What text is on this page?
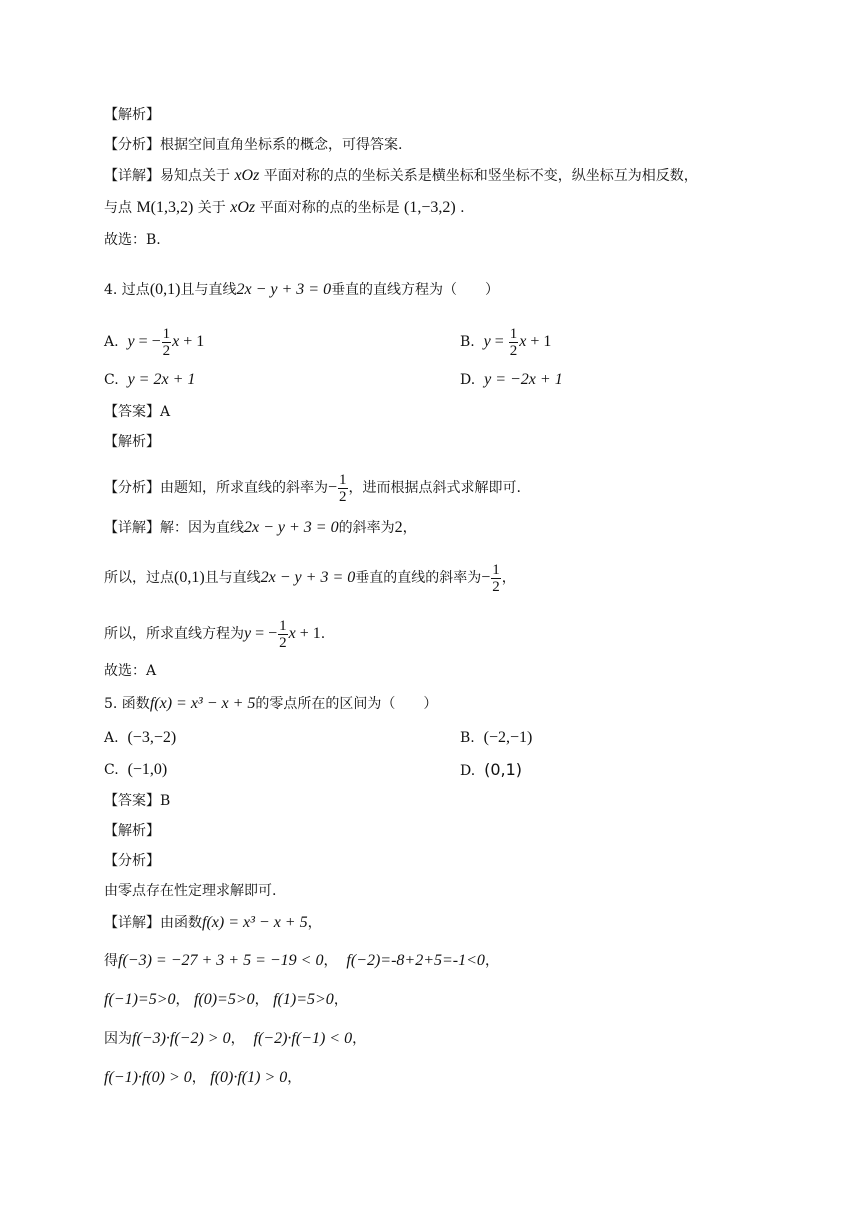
【解析】
【分析】根据空间直角坐标系的概念，可得答案.
【详解】易知点关于 xOz 平面对称的点的坐标关系是横坐标和竖坐标不变，纵坐标互为相反数，
与点 M(1,3,2) 关于 xOz 平面对称的点的坐标是 (1,−3,2) .
故选：B.
4. 过点(0,1)且与直线2x − y + 3 = 0垂直的直线方程为（　　）
A. y = − $\frac{1}{2}$ x + 1	B. $y = \frac{1}{2}$ x + 1
C. y = 2x + 1	D. y = −2x + 1
【答案】A
【解析】
【分析】由题知，所求直线的斜率为− $\frac{1}{2}$ ，进而根据点斜式求解即可.
【详解】解：因为直线2x − y + 3 = 0的斜率为2，
所以，过点(0,1)且与直线2x − y + 3 = 0垂直的直线的斜率为− $\frac{1}{2}$ ，
所以，所求直线方程为y = − $\frac{1}{2}$ x + 1.
故选：A
5. 函数f(x) = x³ − x + 5的零点所在的区间为（　　）
A. (−3,−2)	B. (−2,−1)
C. (−1,0)	D. (0,1)
【答案】B
【解析】
【分析】
由零点存在性定理求解即可.
【详解】由函数f(x) = x³ − x + 5，
得f(−3) = −27 + 3 + 5 = −19 < 0，  f(−2)=-8+2+5=-1<0，
f(−1)=5>0， f(0)=5>0， f(1)=5>0，
因为f(−3)·f(−2) > 0，  f(−2)·f(−1) < 0，
f(−1)·f(0) > 0， f(0)·f(1) > 0，
